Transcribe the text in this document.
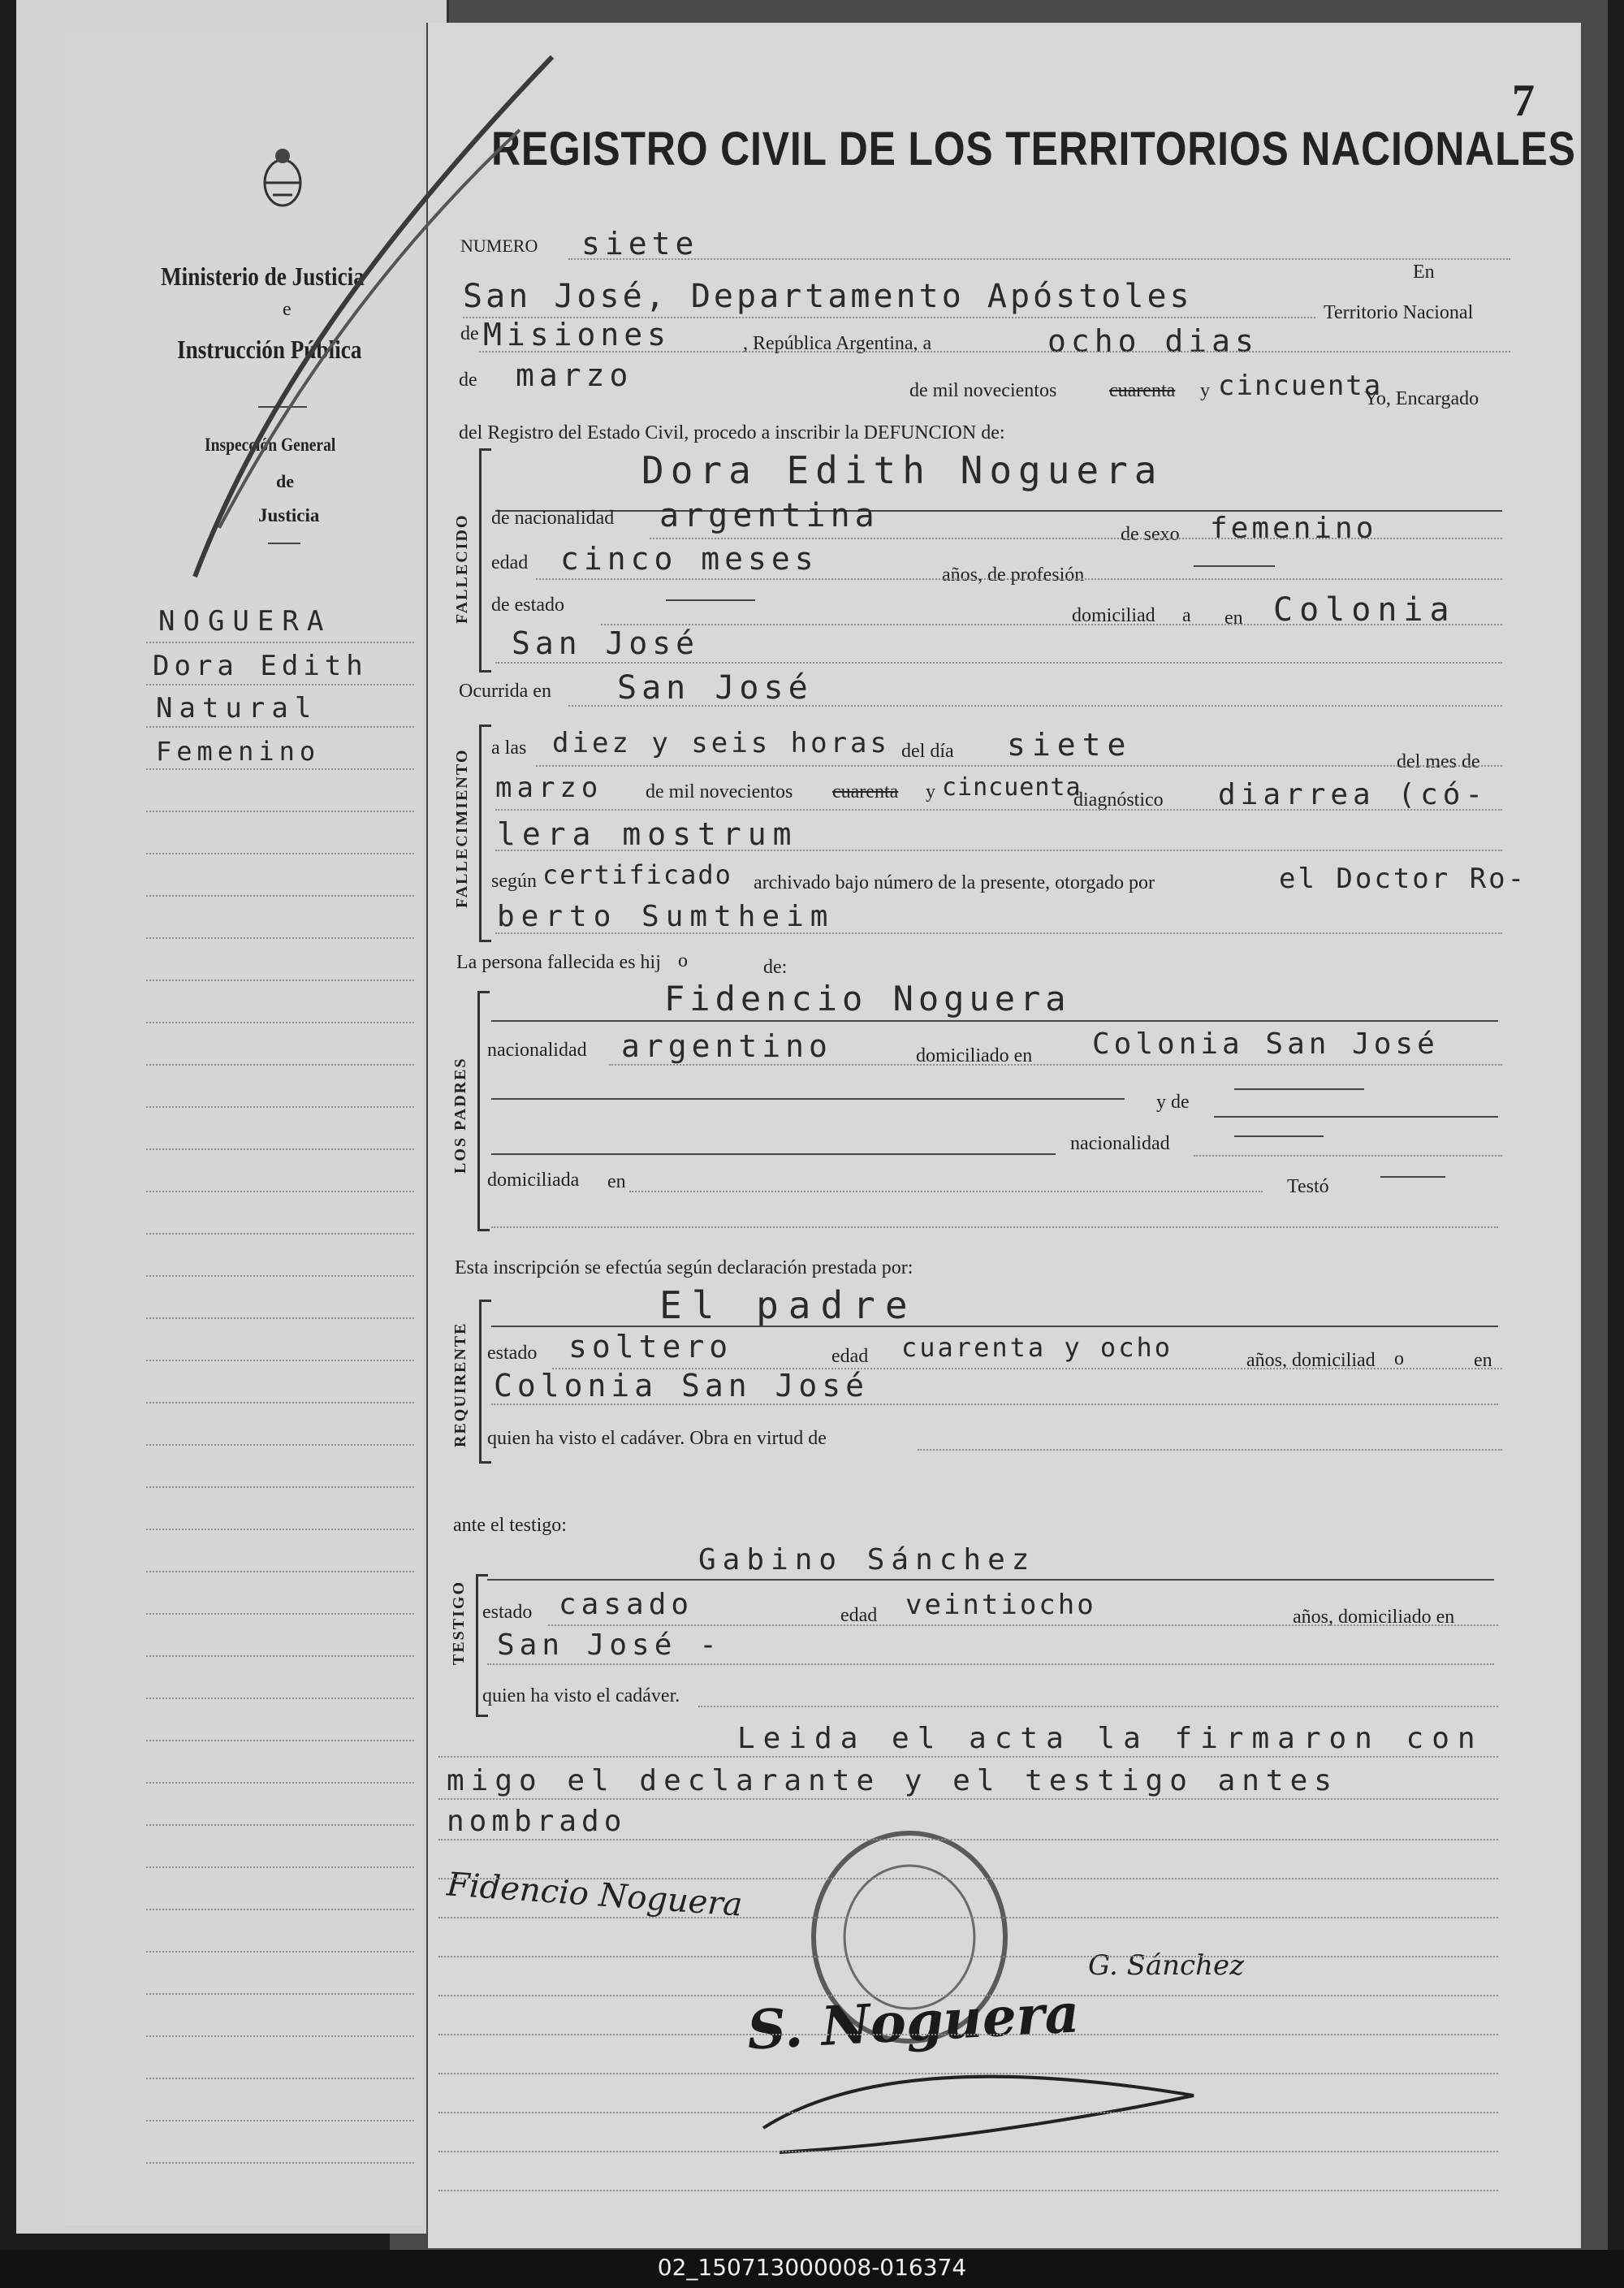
7
REGISTRO CIVIL DE LOS TERRITORIOS NACIONALES
Ministerio de Justicia
e
Instrucción Pública
Inspección General
de
Justicia
NOGUERA
Dora Edith
Natural
Femenino
NUMERO siete
San José, Departamento Apóstoles
En
Territorio Nacional
de Misiones	, República Argentina, a	ocho dias
de marzo	de mil novecientos	cuarenta y cincuenta
Yo, Encargado
del Registro del Estado Civil, procedo a inscribir la DEFUNCION de:
FALLECIDO
Dora Edith Noguera
de nacionalidad argentina	de sexo femenino
edad cinco meses	años, de profesión
de estado	domiciliad a en Colonia
San José
Ocurrida en San José
FALLECIMIENTO
a las diez y seis horas del día siete	del mes de
marzo de mil novecientos cuarenta y cincuenta
diagnóstico diarrea (có-
lera mostrum
según certificado archivado bajo número de la presente, otorgado por	el Doctor Ro-
berto Sumtheim
La persona fallecida es hij o	de:
LOS PADRES
Fidencio Noguera
nacionalidad argentino	domiciliado en Colonia San José
y de
nacionalidad
domiciliada en	Testó
Esta inscripción se efectúa según declaración prestada por:
REQUIRENTE
El padre
estado soltero	edad cuarenta y ocho	años, domiciliad o	en
Colonia San José
quien ha visto el cadáver. Obra en virtud de
ante el testigo:
TESTIGO
Gabino Sánchez
estado casado	edad veintiocho	años, domiciliado en
San José -
quien ha visto el cadáver.
Leida el acta la firmaron con
migo el declarante y el testigo antes
nombrado
Fidencio Noguera
G. Sánchez
S. Noguera
02_150713000008-016374
